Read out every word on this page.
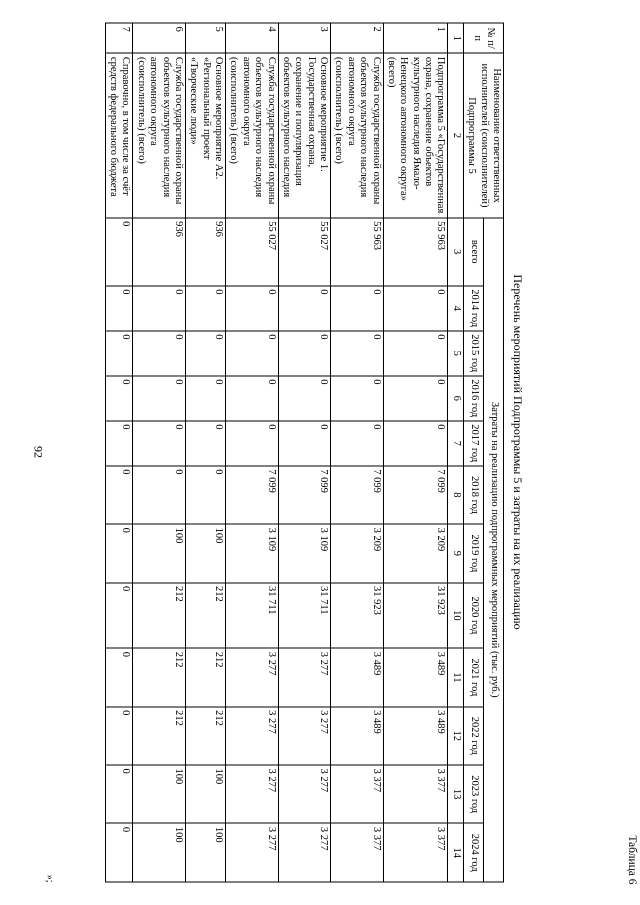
92
Таблица 6
Перечень мероприятий Подпрограммы 5 и затраты на их реализацию
№ п/п	Наименование ответственных исполнителей (соисполнителей) Подпрограммы 5	Затраты на реализацию подпрограммных мероприятий (тыс. руб.)											
		всего	2014 год	2015 год	2016 год	2017 год	2018 год	2019 год	2020 год	2021 год	2022 год	2023 год	2024 год
1	2	3	4	5	6	7	8	9	10	11	12	13	14
1	Подпрограмма 5 «Государственная охрана, сохранение объектов культурного наследия Ямало-Ненецкого автономного округа» (всего)	55 963	0	0	0	0	7 099	3 209	31 923	3 489	3 489	3 377	3 377
2	Служба государственной охраны объектов культурного наследия автономного округа (соисполнитель) (всего)	55 963	0	0	0	0	7 099	3 209	31 923	3 489	3 489	3 377	3 377
3	Основное мероприятие 1. Государственная охрана, сохранение и популяризация объектов культурного наследия	55 027	0	0	0	0	7 099	3 109	31 711	3 277	3 277	3 277	3 277
4	Служба государственной охраны объектов культурного наследия автономного округа (соисполнитель) (всего)	55 027	0	0	0	0	7 099	3 109	31 711	3 277	3 277	3 277	3 277
5	Основное мероприятие А2. «Региональный проект «Творческие люди»	936	0	0	0	0	0	100	212	212	212	100	100
6	Служба государственной охраны объектов культурного наследия автономного округа (соисполнитель) (всего)	936	0	0	0	0	0	100	212	212	212	100	100
7	Справочно, в том числе за счёт средств федерального бюджета	0	0	0	0	0	0	0	0	0	0	0	0
»;
